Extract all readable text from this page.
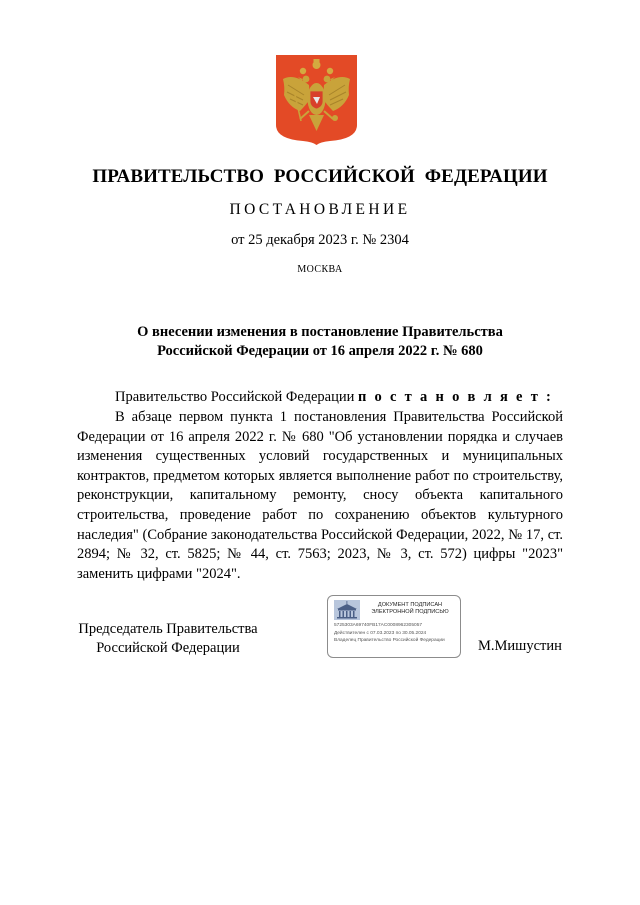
ПРАВИТЕЛЬСТВО РОССИЙСКОЙ ФЕДЕРАЦИИ
ПОСТАНОВЛЕНИЕ
от 25 декабря 2023 г. № 2304
МОСКВА
О внесении изменения в постановление Правительства
Российской Федерации от 16 апреля 2022 г. № 680
Правительство Российской Федерации п о с т а н о в л я е т :
В абзаце первом пункта 1 постановления Правительства Российской Федерации от 16 апреля 2022 г. № 680 "Об установлении порядка и случаев изменения существенных условий государственных и муниципальных контрактов, предметом которых является выполнение работ по строительству, реконструкции, капитальному ремонту, сносу объекта капитального строительства, проведение работ по сохранению объектов культурного наследия" (Собрание законодательства Российской Федерации, 2022, № 17, ст. 2894; № 32, ст. 5825; № 44, ст. 7563; 2023, № 3, ст. 572) цифры "2023" заменить цифрами "2024".
Председатель Правительства
Российской Федерации
ДОКУМЕНТ ПОДПИСАН
ЭЛЕКТРОННОЙ ПОДПИСЬЮ
5725303A69740FB17AC0008962305057
Действителен с 07.03.2023 по 30.05.2024
Владелец Правительство Российской Федерации	М.Мишустин
